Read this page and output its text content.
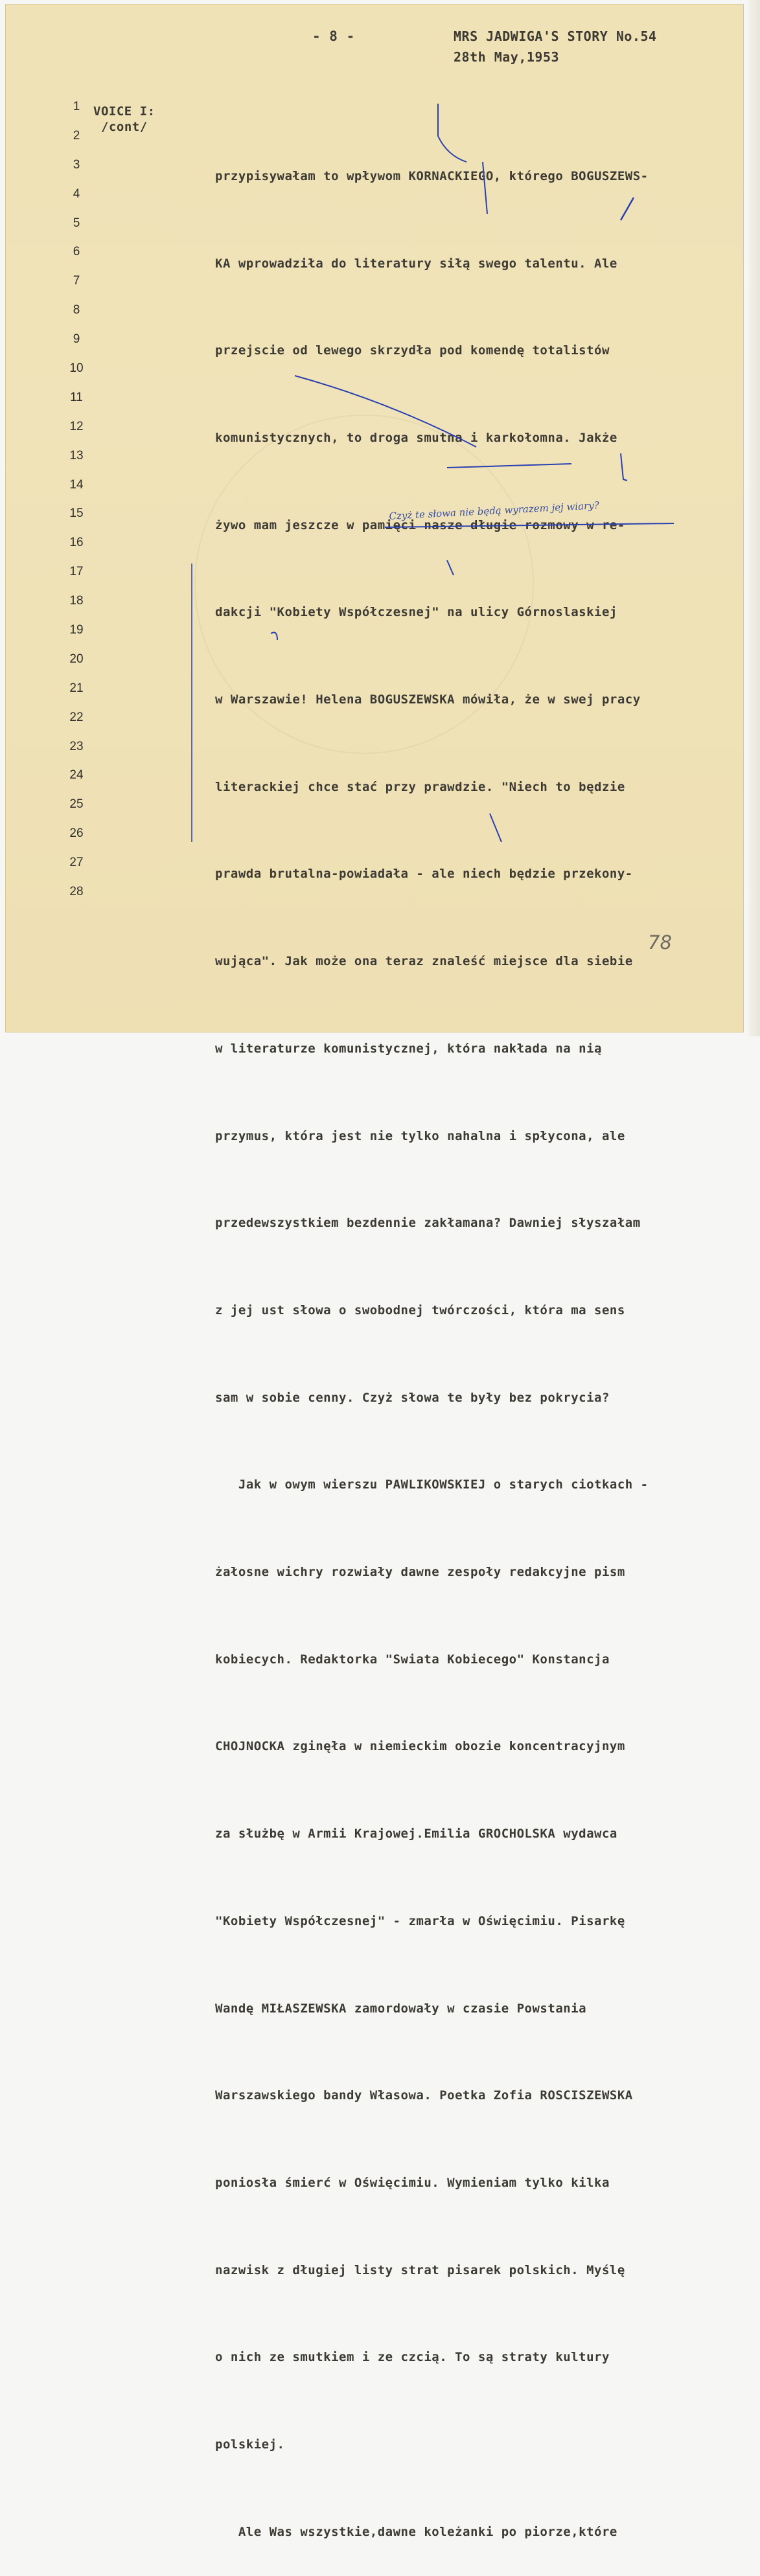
- 8 -	MRS JADWIGA'S STORY No.54
28th May,1953
1
2
3
4
5
6
7
8
9
10
11
12
13
14
15
16
17
18
19
20
21
22
23
24
25
26
27
28
VOICE I:
/cont/

przypisywałam to wpływom KORNACKIEGO, którego BOGUSZEWS-

KA wprowadziła do literatury siłą swego talentu. Ale

przejscie od lewego skrzydła pod komendę totalistów

komunistycznych, to droga smutna i karkołomna. Jakże

żywo mam jeszcze w pamięci nasze długie rozmowy w re-

dakcji "Kobiety Współczesnej" na ulicy Górnoslaskiej

w Warszawie! Helena BOGUSZEWSKA mówiła, że w swej pracy

literackiej chce stać przy prawdzie. "Niech to będzie

prawda brutalna-powiadała - ale niech będzie przekony-

wująca". Jak może ona teraz znaleść miejsce dla siebie

w literaturze komunistycznej, która nakłada na nią

przymus, która jest nie tylko nahalna i spłycona, ale

przedewszystkiem bezdennie zakłamana? Dawniej słyszałam

z jej ust słowa o swobodnej twórczości, która ma sens

sam w sobie cenny. Czyż słowa te były bez pokrycia?

Jak w owym wierszu PAWLIKOWSKIEJ o starych ciotkach -

żałosne wichry rozwiały dawne zespoły redakcyjne pism

kobiecych. Redaktorka "Swiata Kobiecego" Konstancja

CHOJNOCKA zginęła w niemieckim obozie koncentracyjnym

za służbę w Armii Krajowej.Emilia GROCHOLSKA wydawca

"Kobiety Współczesnej" - zmarła w Oświęcimiu. Pisarkę

Wandę MIŁASZEWSKA zamordowały w czasie Powstania

Warszawskiego bandy Własowa. Poetka Zofia ROSCISZEWSKA

poniosła śmierć w Oświęcimiu. Wymieniam tylko kilka

nazwisk z długiej listy strat pisarek polskich. Myślę

o nich ze smutkiem i ze czcią. To są straty kultury

polskiej.

Ale Was wszystkie,dawne koleżanki po piorze,które

Czyż te słowa nie będą wyrazem jej wiary?
78
